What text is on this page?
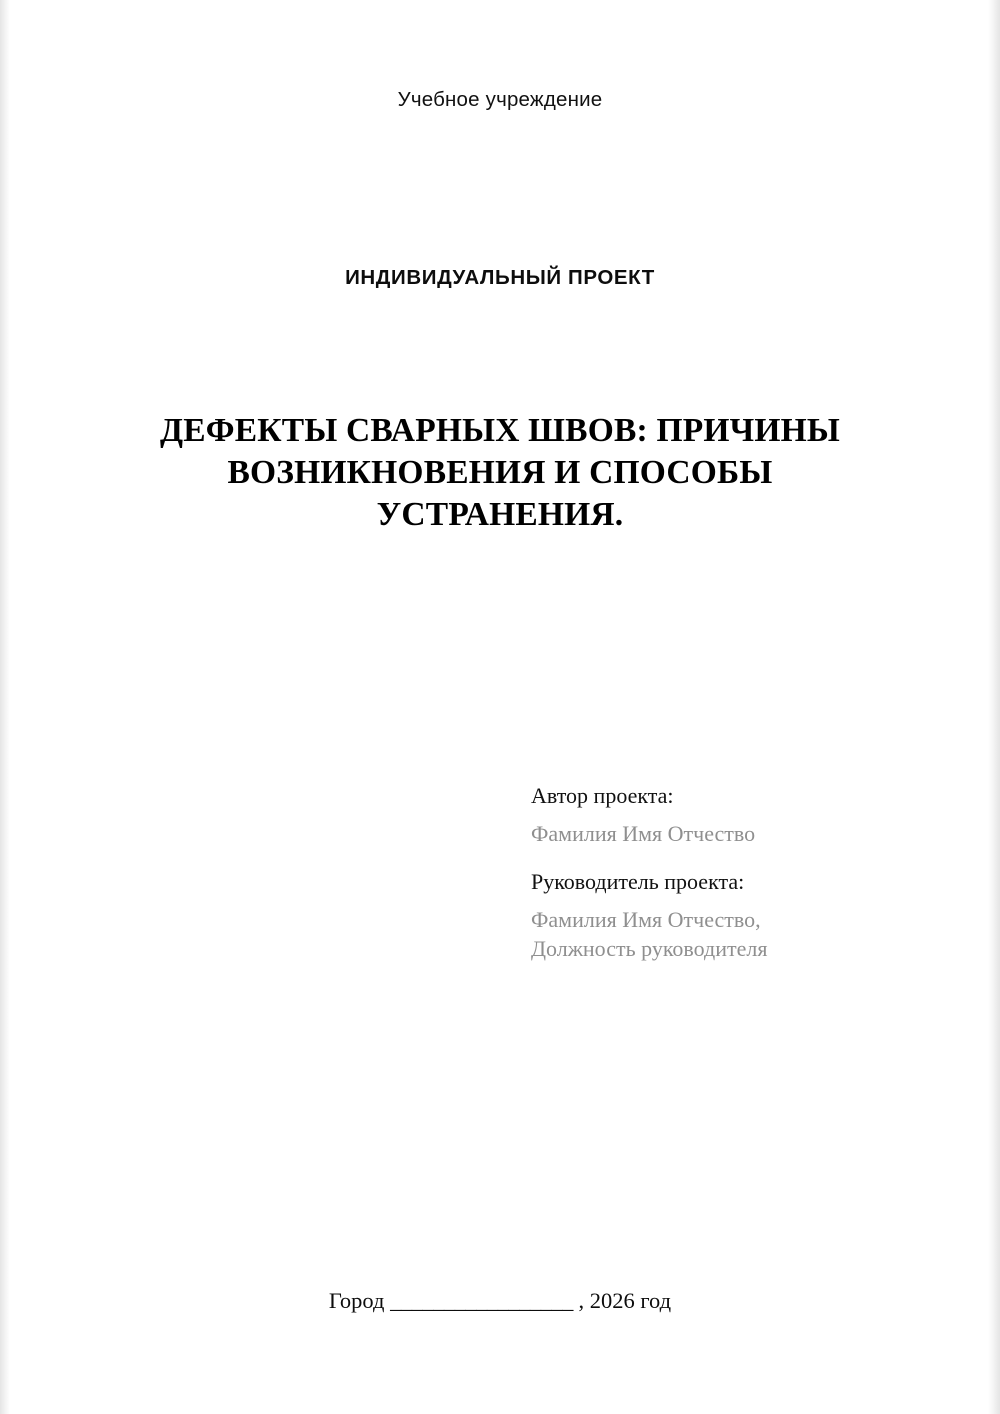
Учебное учреждение
ИНДИВИДУАЛЬНЫЙ ПРОЕКТ
ДЕФЕКТЫ СВАРНЫХ ШВОВ: ПРИЧИНЫ ВОЗНИКНОВЕНИЯ И СПОСОБЫ УСТРАНЕНИЯ.
Автор проекта:
Фамилия Имя Отчество
Руководитель проекта:
Фамилия Имя Отчество,
Должность руководителя
Город _________________ , 2026 год
